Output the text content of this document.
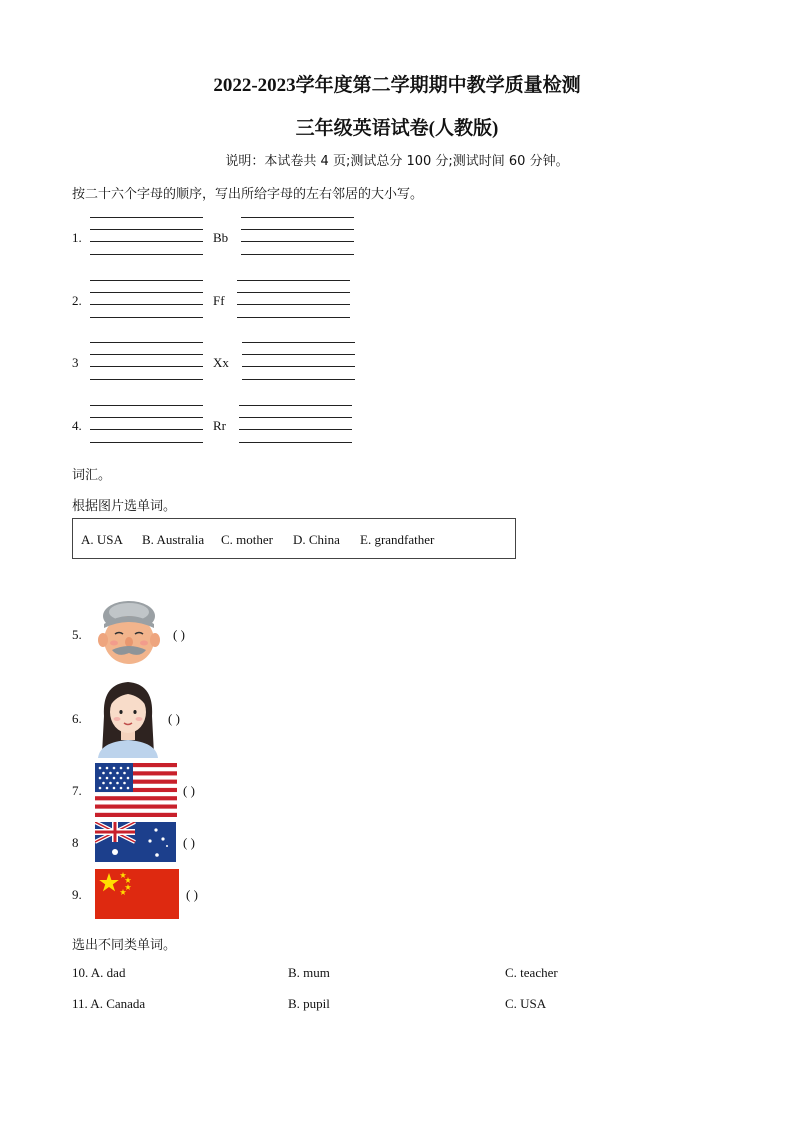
2022-2023学年度第二学期期中教学质量检测
三年级英语试卷(人教版)
说明：本试卷共 4 页;测试总分 100 分;测试时间 60 分钟。
按二十六个字母的顺序，写出所给字母的左右邻居的大小写。
1.	Bb
2.	Ff
3	Xx
4.	Rr
词汇。
根据图片选单词。
A. USA B. Australia C. mother D. China E. grandfather
5.	( )
6.	( )
7.	( )
8	( )
9.	( )
选出不同类单词。
10. A. dad	B. mum	C. teacher
11. A. Canada	B. pupil	C. USA
